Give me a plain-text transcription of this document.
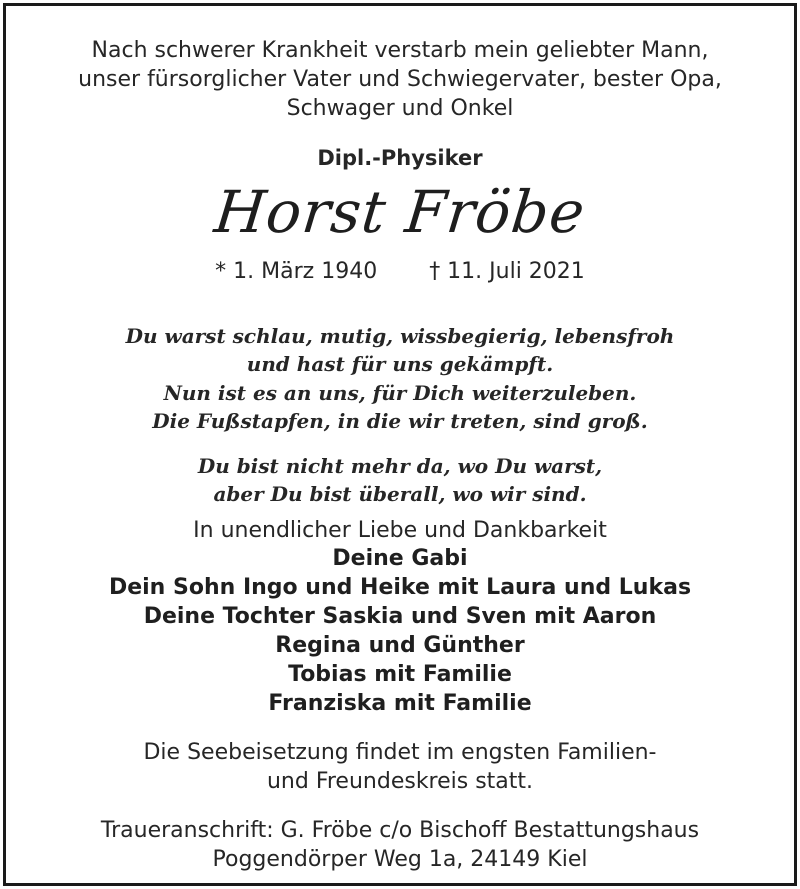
Nach schwerer Krankheit verstarb mein geliebter Mann,
unser fürsorglicher Vater und Schwiegervater, bester Opa,
Schwager und Onkel
Dipl.-Physiker
Horst Fröbe
* 1. März 1940 † 11. Juli 2021
Du warst schlau, mutig, wissbegierig, lebensfroh
und hast für uns gekämpft.
Nun ist es an uns, für Dich weiterzuleben.
Die Fußstapfen, in die wir treten, sind groß.
Du bist nicht mehr da, wo Du warst,
aber Du bist überall, wo wir sind.
In unendlicher Liebe und Dankbarkeit
Deine Gabi
Dein Sohn Ingo und Heike mit Laura und Lukas
Deine Tochter Saskia und Sven mit Aaron
Regina und Günther
Tobias mit Familie
Franziska mit Familie
Die Seebeisetzung findet im engsten Familien-
und Freundeskreis statt.
Traueranschrift: G. Fröbe c/o Bischoff Bestattungshaus
Poggendörper Weg 1a, 24149 Kiel
